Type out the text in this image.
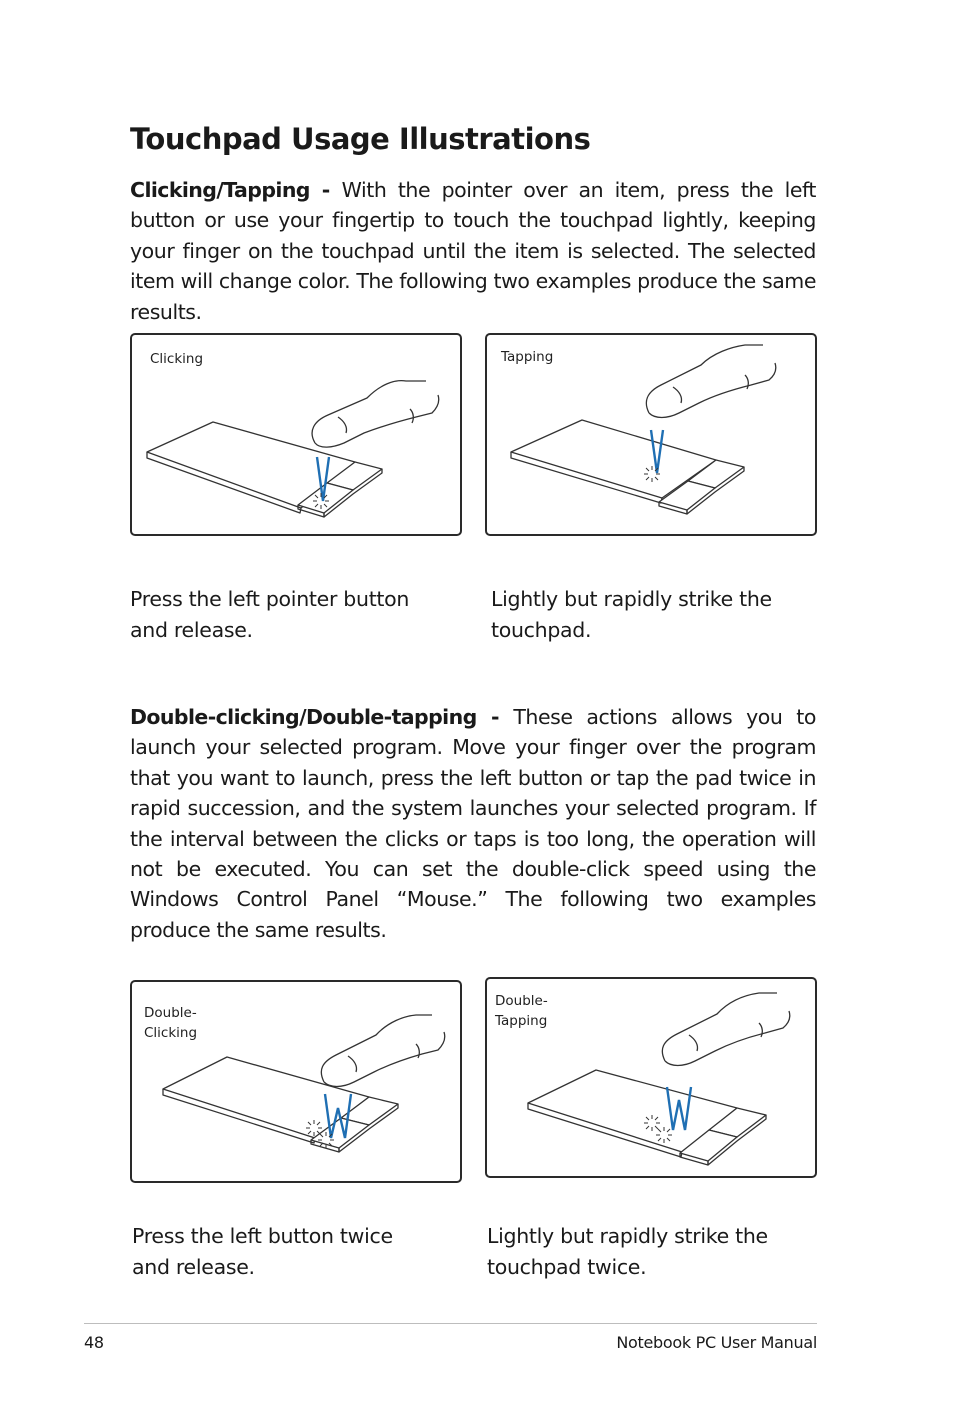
Touchpad Usage Illustrations

Clicking/Tapping - With the pointer over an item, press the left button or use your fingertip to touch the touchpad lightly, keeping your finger on the touchpad until the item is selected. The selected item will change color. The following two examples produce the same results.

Clicking	Tapping

Press the left pointer button and release.

Lightly but rapidly strike the touchpad.

Double-clicking/Double-tapping - These actions allows you to launch your selected program. Move your finger over the program that you want to launch, press the left button or tap the pad twice in rapid succession, and the system launches your selected program. If the interval between the clicks or taps is too long, the operation will not be executed. You can set the double-click speed using the Windows Control Panel “Mouse.” The following two examples produce the same results.

Double-
Clicking
Double-
Tapping

Press the left button twice and release.

Lightly but rapidly strike the touchpad twice.

48	Notebook PC User Manual
